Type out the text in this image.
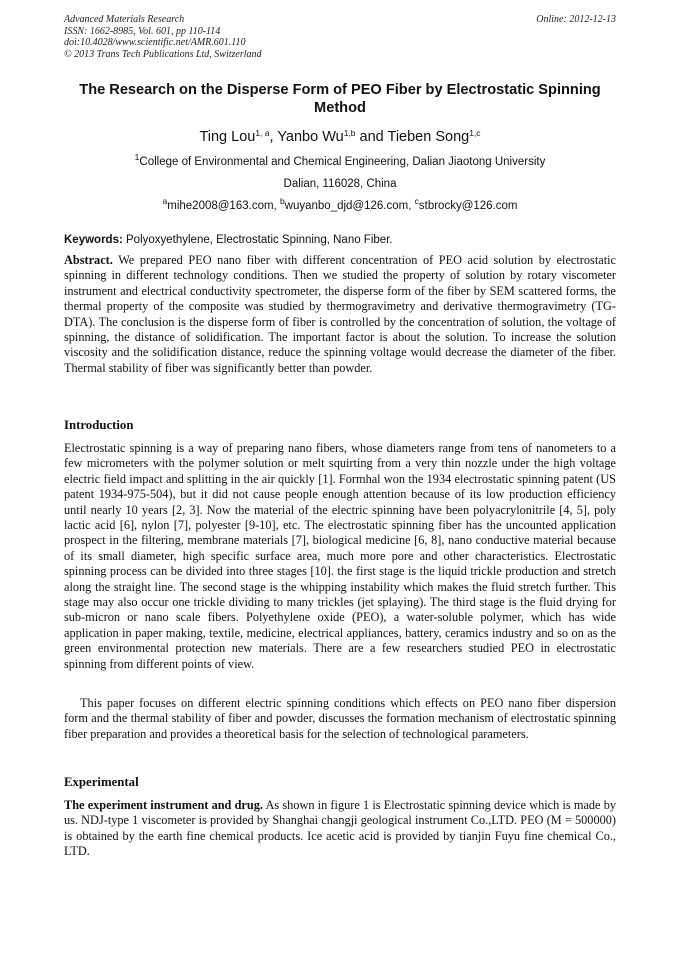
Advanced Materials Research
ISSN: 1662-8985, Vol. 601, pp 110-114
doi:10.4028/www.scientific.net/AMR.601.110
© 2013 Trans Tech Publications Ltd, Switzerland
Online: 2012-12-13
The Research on the Disperse Form of PEO Fiber by Electrostatic Spinning Method
Ting Lou$^{1, a}$, Yanbo Wu$^{1,b}$ and Tieben Song$^{1,c}$
$^1$College of Environmental and Chemical Engineering, Dalian Jiaotong University
Dalian, 116028, China
$^a$mihe2008@163.com, $^b$wuyanbo_djd@126.com, $^c$stbrocky@126.com
Keywords: Polyoxyethylene, Electrostatic Spinning, Nano Fiber.
Abstract. We prepared PEO nano fiber with different concentration of PEO acid solution by electrostatic spinning in different technology conditions. Then we studied the property of solution by rotary viscometer instrument and electrical conductivity spectrometer, the disperse form of the fiber by SEM scattered forms, the thermal property of the composite was studied by thermogravimetry and derivative thermogravimetry (TG-DTA). The conclusion is the disperse form of fiber is controlled by the concentration of solution, the voltage of spinning, the distance of solidification. The important factor is about the solution. To increase the solution viscosity and the solidification distance, reduce the spinning voltage would decrease the diameter of the fiber. Thermal stability of fiber was significantly better than powder.
Introduction
Electrostatic spinning is a way of preparing nano fibers, whose diameters range from tens of nanometers to a few micrometers with the polymer solution or melt squirting from a very thin nozzle under the high voltage electric field impact and splitting in the air quickly [1]. Formhal won the 1934 electrostatic spinning patent (US patent 1934-975-504), but it did not cause people enough attention because of its low production efficiency until nearly 10 years [2, 3]. Now the material of the electric spinning have been polyacrylonitrile [4, 5], poly lactic acid [6], nylon [7], polyester [9-10], etc. The electrostatic spinning fiber has the uncounted application prospect in the filtering, membrane materials [7], biological medicine [6, 8], nano conductive material because of its small diameter, high specific surface area, much more pore and other characteristics. Electrostatic spinning process can be divided into three stages [10]. the first stage is the liquid trickle production and stretch along the straight line. The second stage is the whipping instability which makes the fluid stretch further. This stage may also occur one trickle dividing to many trickles (jet splaying). The third stage is the fluid drying for sub-micron or nano scale fibers. Polyethylene oxide (PEO), a water-soluble polymer, which has wide application in paper making, textile, medicine, electrical appliances, battery, ceramics industry and so on as the green environmental protection new materials. There are a few researchers studied PEO in electrostatic spinning from different points of view.
This paper focuses on different electric spinning conditions which effects on PEO nano fiber dispersion form and the thermal stability of fiber and powder, discusses the formation mechanism of electrostatic spinning fiber preparation and provides a theoretical basis for the selection of technological parameters.
Experimental
The experiment instrument and drug. As shown in figure 1 is Electrostatic spinning device which is made by us. NDJ-type 1 viscometer is provided by Shanghai changji geological instrument Co.,LTD. PEO (M = 500000) is obtained by the earth fine chemical products. Ice acetic acid is provided by tianjin Fuyu fine chemical Co., LTD.
